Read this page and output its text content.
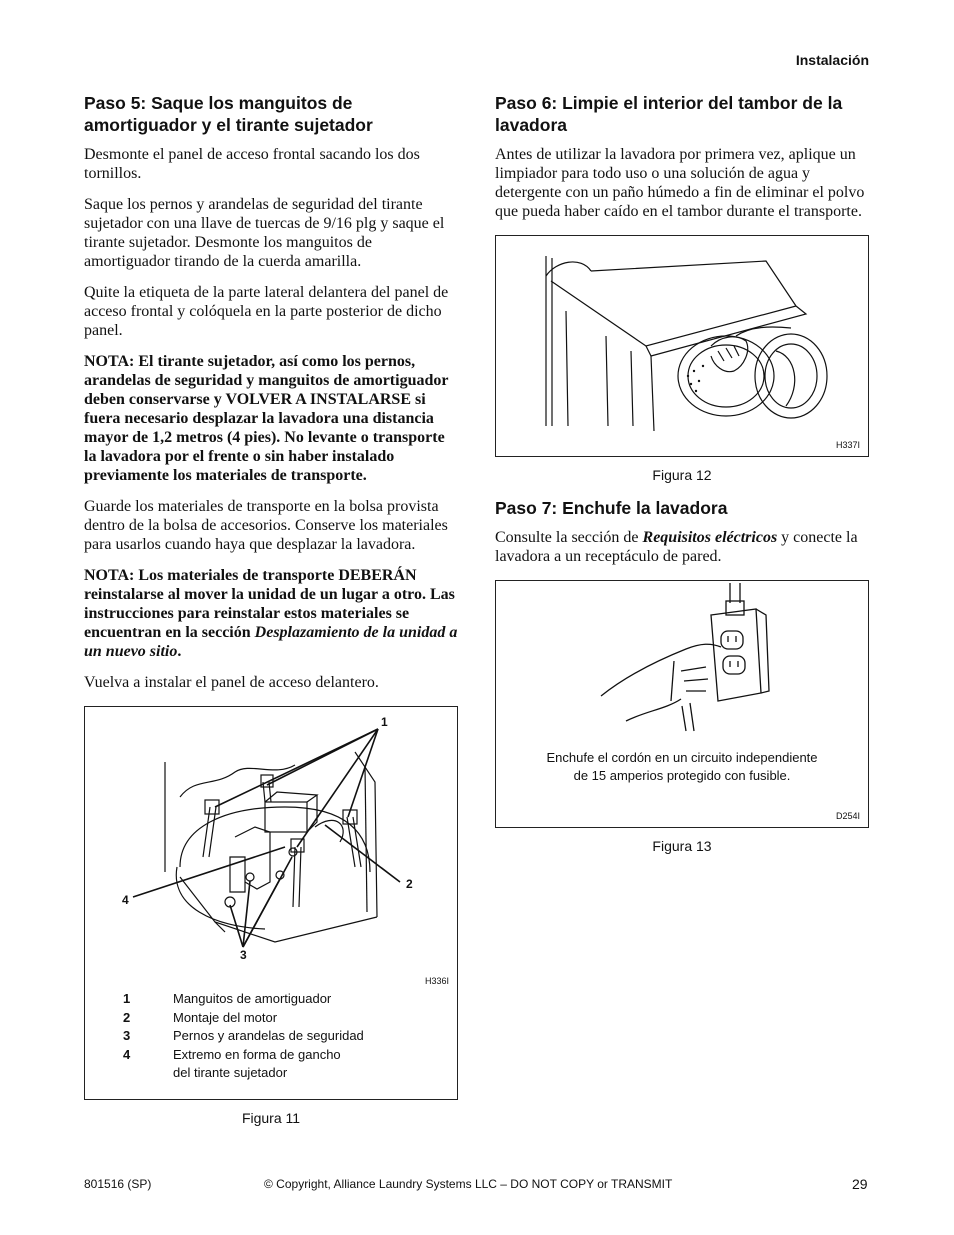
Instalación
Paso 5: Saque los manguitos de amortiguador y el tirante sujetador

Desmonte el panel de acceso frontal sacando los dos tornillos.

Saque los pernos y arandelas de seguridad del tirante sujetador con una llave de tuercas de 9/16 plg y saque el tirante sujetador. Desmonte los manguitos de amortiguador tirando de la cuerda amarilla.

Quite la etiqueta de la parte lateral delantera del panel de acceso frontal y colóquela en la parte posterior de dicho panel.

NOTA: El tirante sujetador, así como los pernos, arandelas de seguridad y manguitos de amortiguador deben conservarse y VOLVER A INSTALARSE si fuera necesario desplazar la lavadora una distancia mayor de 1,2 metros (4 pies). No levante o transporte la lavadora por el frente o sin haber instalado previamente los materiales de transporte.

Guarde los materiales de transporte en la bolsa provista dentro de la bolsa de accesorios. Conserve los materiales para usarlos cuando haya que desplazar la lavadora.

NOTA: Los materiales de transporte DEBERÁN reinstalarse al mover la unidad de un lugar a otro. Las instrucciones para reinstalar estos materiales se encuentran en la sección Desplazamiento de la unidad a un nuevo sitio.

Vuelva a instalar el panel de acceso delantero.

1
2
3
4
H336I
1	Manguitos de amortiguador
2	Montaje del motor
3	Pernos y arandelas de seguridad
4	Extremo en forma de gancho
del tirante sujetador
Figura 11
Paso 6: Limpie el interior del tambor de la lavadora

Antes de utilizar la lavadora por primera vez, aplique un limpiador para todo uso o una solución de agua y detergente con un paño húmedo a fin de eliminar el polvo que pueda haber caído en el tambor durante el transporte.

H337I
Figura 12
Paso 7: Enchufe la lavadora

Consulte la sección de Requisitos eléctricos y conecte la lavadora a un receptáculo de pared.

Enchufe el cordón en un circuito independiente
de 15 amperios protegido con fusible.
D254I
Figura 13
801516 (SP)	© Copyright, Alliance Laundry Systems LLC – DO NOT COPY or TRANSMIT	29
